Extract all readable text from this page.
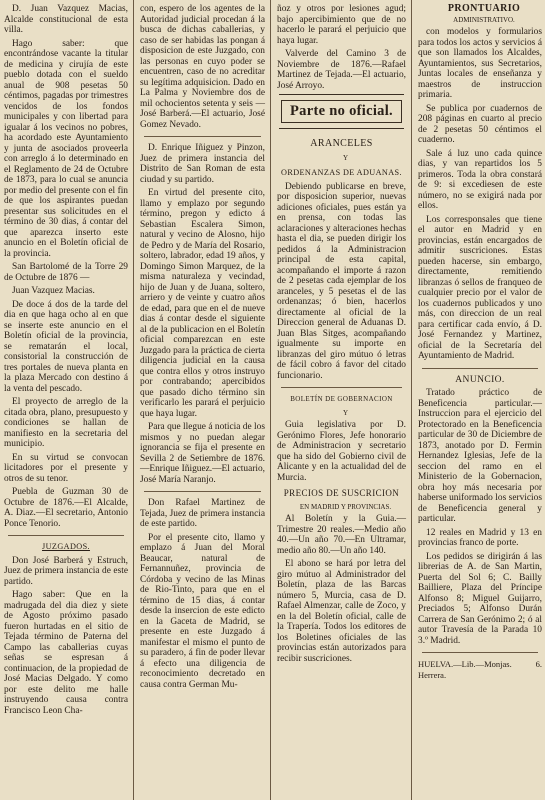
D. Juan Vazquez Macias, Alcalde constitucional de esta villa.

Hago saber: que encontrándose vacante la titular de medicina y cirujía de este pueblo dotada con el sueldo anual de 908 pesetas 50 céntimos, pagadas por trimestres vencidos de los fondos municipales y con libertad para igualar á los vecinos no pobres, ha acordado este Ayuntamiento y junta de asociados proveerla con arreglo á lo determinado en el Reglamento de 24 de Octubre de 1873, para lo cual se anuncia por medio del presente con el fin de que los aspirantes puedan presentar sus solicitudes en el término de 30 dias, á contar del que aparezca inserto este anuncio en el Boletín oficial de la provincia.

San Bartolomé de la Torre 29 de Octubre de 1876 —

Juan Vazquez Macias.

De doce á dos de la tarde del dia en que haga ocho al en que se inserte este anuncio en el Boletín oficial de la provincia, se rematarán el local, consistorial la construcción de tres portales de nueva planta en la plaza Mercado con destino á la venta del pescado.

El proyecto de arreglo de la citada obra, plano, presupuesto y condiciones se hallan de manifiesto en la secretaria del municipio.

En su virtud se convocan licitadores por el presente y otros de su tenor.

Puebla de Guzman 30 de Octubre de 1876.—El Alcalde, A. Diaz.—El secretario, Antonio Ponce Tenorio.

JUZGADOS.

Don José Barberá y Estruch, Juez de primera instancia de este partido.

Hago saber: Que en la madrugada del dia diez y siete de Agosto próximo pasado fueron hurtadas en el sitio de Tejada término de Paterna del Campo las caballerias cuyas señas se espresan á continuacion, de la propiedad de José Macias Delgado. Y como por este delito me halle instruyendo causa contra Francisco Leon Cha-

con, espero de los agentes de la Autoridad judicial procedan á la busca de dichas caballerias, y caso de ser habidas las pongan á disposicion de este Juzgado, con las personas en cuyo poder se encuentren, caso de no acreditar su legítima adquisicion. Dado en La Palma y Noviembre dos de mil ochocientos setenta y seis — José Barberá.—El actuario, José Gomez Nevado.

D. Enrique Iñiguez y Pinzon, Juez de primera instancia del Distrito de San Roman de esta ciudad y su partido.

En virtud del presente cito, llamo y emplazo por segundo término, pregon y edicto á Sebastian Escalera Simon, natural y vecino de Alosno, hijo de Pedro y de María del Rosario, soltero, labrador, edad 19 años, y Domingo Simon Marquez, de la misma naturaleza y vecindad, hijo de Juan y de Juana, soltero, arriero y de veinte y cuatro años de edad, para que en el de nueve dias á contar desde el siguiente al de la publicacion en el Boletín oficial comparezcan en este Juzgado para la práctica de cierta diligencia judicial en la causa que contra ellos y otros instruyo por contrabando; apercibidos que pasado dicho término sin verificarlo les parará el perjuicio que haya lugar.

Para que llegue á noticia de los mismos y no puedan alegar ignorancia se fija el presente en Sevilla 2 de Setiembre de 1876.—Enrique Iñiguez.—El actuario, José María Naranjo.

Don Rafael Martinez de Tejada, Juez de primera instancia de este partido.

Por el presente cito, llamo y emplazo á Juan del Moral Beaucar, natural de Fernannuñez, provincia de Córdoba y vecino de las Minas de Rio-Tinto, para que en el término de 15 dias, á contar desde la insercion de este edicto en la Gaceta de Madrid, se presente en este Juzgado á manifestar el mismo el punto de su paradero, á fin de poder llevar á efecto una diligencia de reconocimiento decretado en causa contra German Mu-

ñoz y otros por lesiones agud; bajo apercibimiento que de no hacerlo le parará el perjuicio que haya lugar.

Valverde del Camino 3 de Noviembre de 1876.—Rafael Martinez de Tejada.—El actuario, José Arroyo.

Parte no oficial.

ARANCELES

Y

ORDENANZAS DE ADUANAS.

Debiendo publicarse en breve, por disposicion superior, nuevas adiciones oficiales, pues están ya en prensa, con todas las aclaraciones y alteraciones hechas hasta el dia, se pueden dirigir los pedidos á la Administracion principal de esta capital, acompañando el importe á razon de 2 pesetas cada ejemplar de los aranceles, y 5 pesetas el de las ordenanzas; ó bien, hacerlos directamente al oficial de la Direccion general de Aduanas D. Juan Blas Sitges, acompañando igualmente su importe en libranzas del giro mútuo ó letras de fácil cobro á favor del citado funcionario.

BOLETÍN DE GOBERNACION

Y

Guia legislativa por D. Gerónimo Flores, Jefe honorario de Administracion y secretario que ha sido del Gobierno civil de Alicante y en la actualidad del de Murcia.

PRECIOS DE SUSCRICION

EN MADRID Y PROVINCIAS.

Al Boletín y la Guia.—Trimestre 20 reales.—Medio año 40.—Un año 70.—En Ultramar, medio año 80.—Un año 140.

El abono se hará por letra del giro mútuo al Administrador del Boletín, plaza de las Barcas número 5, Murcia, casa de D. Rafael Almenzar, calle de Zoco, y en la del Boletín oficial, calle de la Trapería. Todos los editores de los Boletines oficiales de las provincias están autorizados para recibir suscriciones.

PRONTUARIO

ADMINISTRATIVO.

con modelos y formularios para todos los actos y servicios á que son llamados los Alcaldes, Ayuntamientos, sus Secretarios, Juntas locales de enseñanza y maestros de instruccion primaria.

Se publica por cuadernos de 208 páginas en cuarto al precio de 2 pesetas 50 céntimos el cuaderno.

Sale á luz uno cada quince dias, y van repartidos los 5 primeros. Toda la obra constará de 9: si excediesen de este número, no se exigirá nada por ellos.

Los corresponsales que tiene el autor en Madrid y en provincias, están encargados de admitir suscriciones. Estas pueden hacerse, sin embargo, directamente, remitiendo libranzas ó sellos de franqueo de cualquier precio por el valor de los cuadernos publicados y uno más, con direccion de un real para certificar cada envío, á D. José Fernandez y Martinez, oficial de la Secretaría del Ayuntamiento de Madrid.

ANUNCIO.

Tratado práctico de Beneficencia particular.—Instruccion para el ejercicio del Protectorado en la Beneficencia particular de 30 de Diciembre de 1873, anotado por D. Fermin Hernandez Iglesias, Jefe de la seccion del ramo en el Ministerio de la Gobernacion, obra hoy más necesaria por haberse uniformado los servicios de Beneficencia general y particular.

12 reales en Madrid y 13 en provincias franco de porte.

Los pedidos se dirigirán á las librerias de A. de San Martin, Puerta del Sol 6; C. Bailly Bailliere, Plaza del Príncipe Alfonso 8; Miguel Guijarro, Preciados 5; Alfonso Durán Carrera de San Gerónimo 2; ó al autor Travesía de la Parada 10 3.º Madrid.

HUELVA.—Lib.—Monjas. 6. Herrera.
